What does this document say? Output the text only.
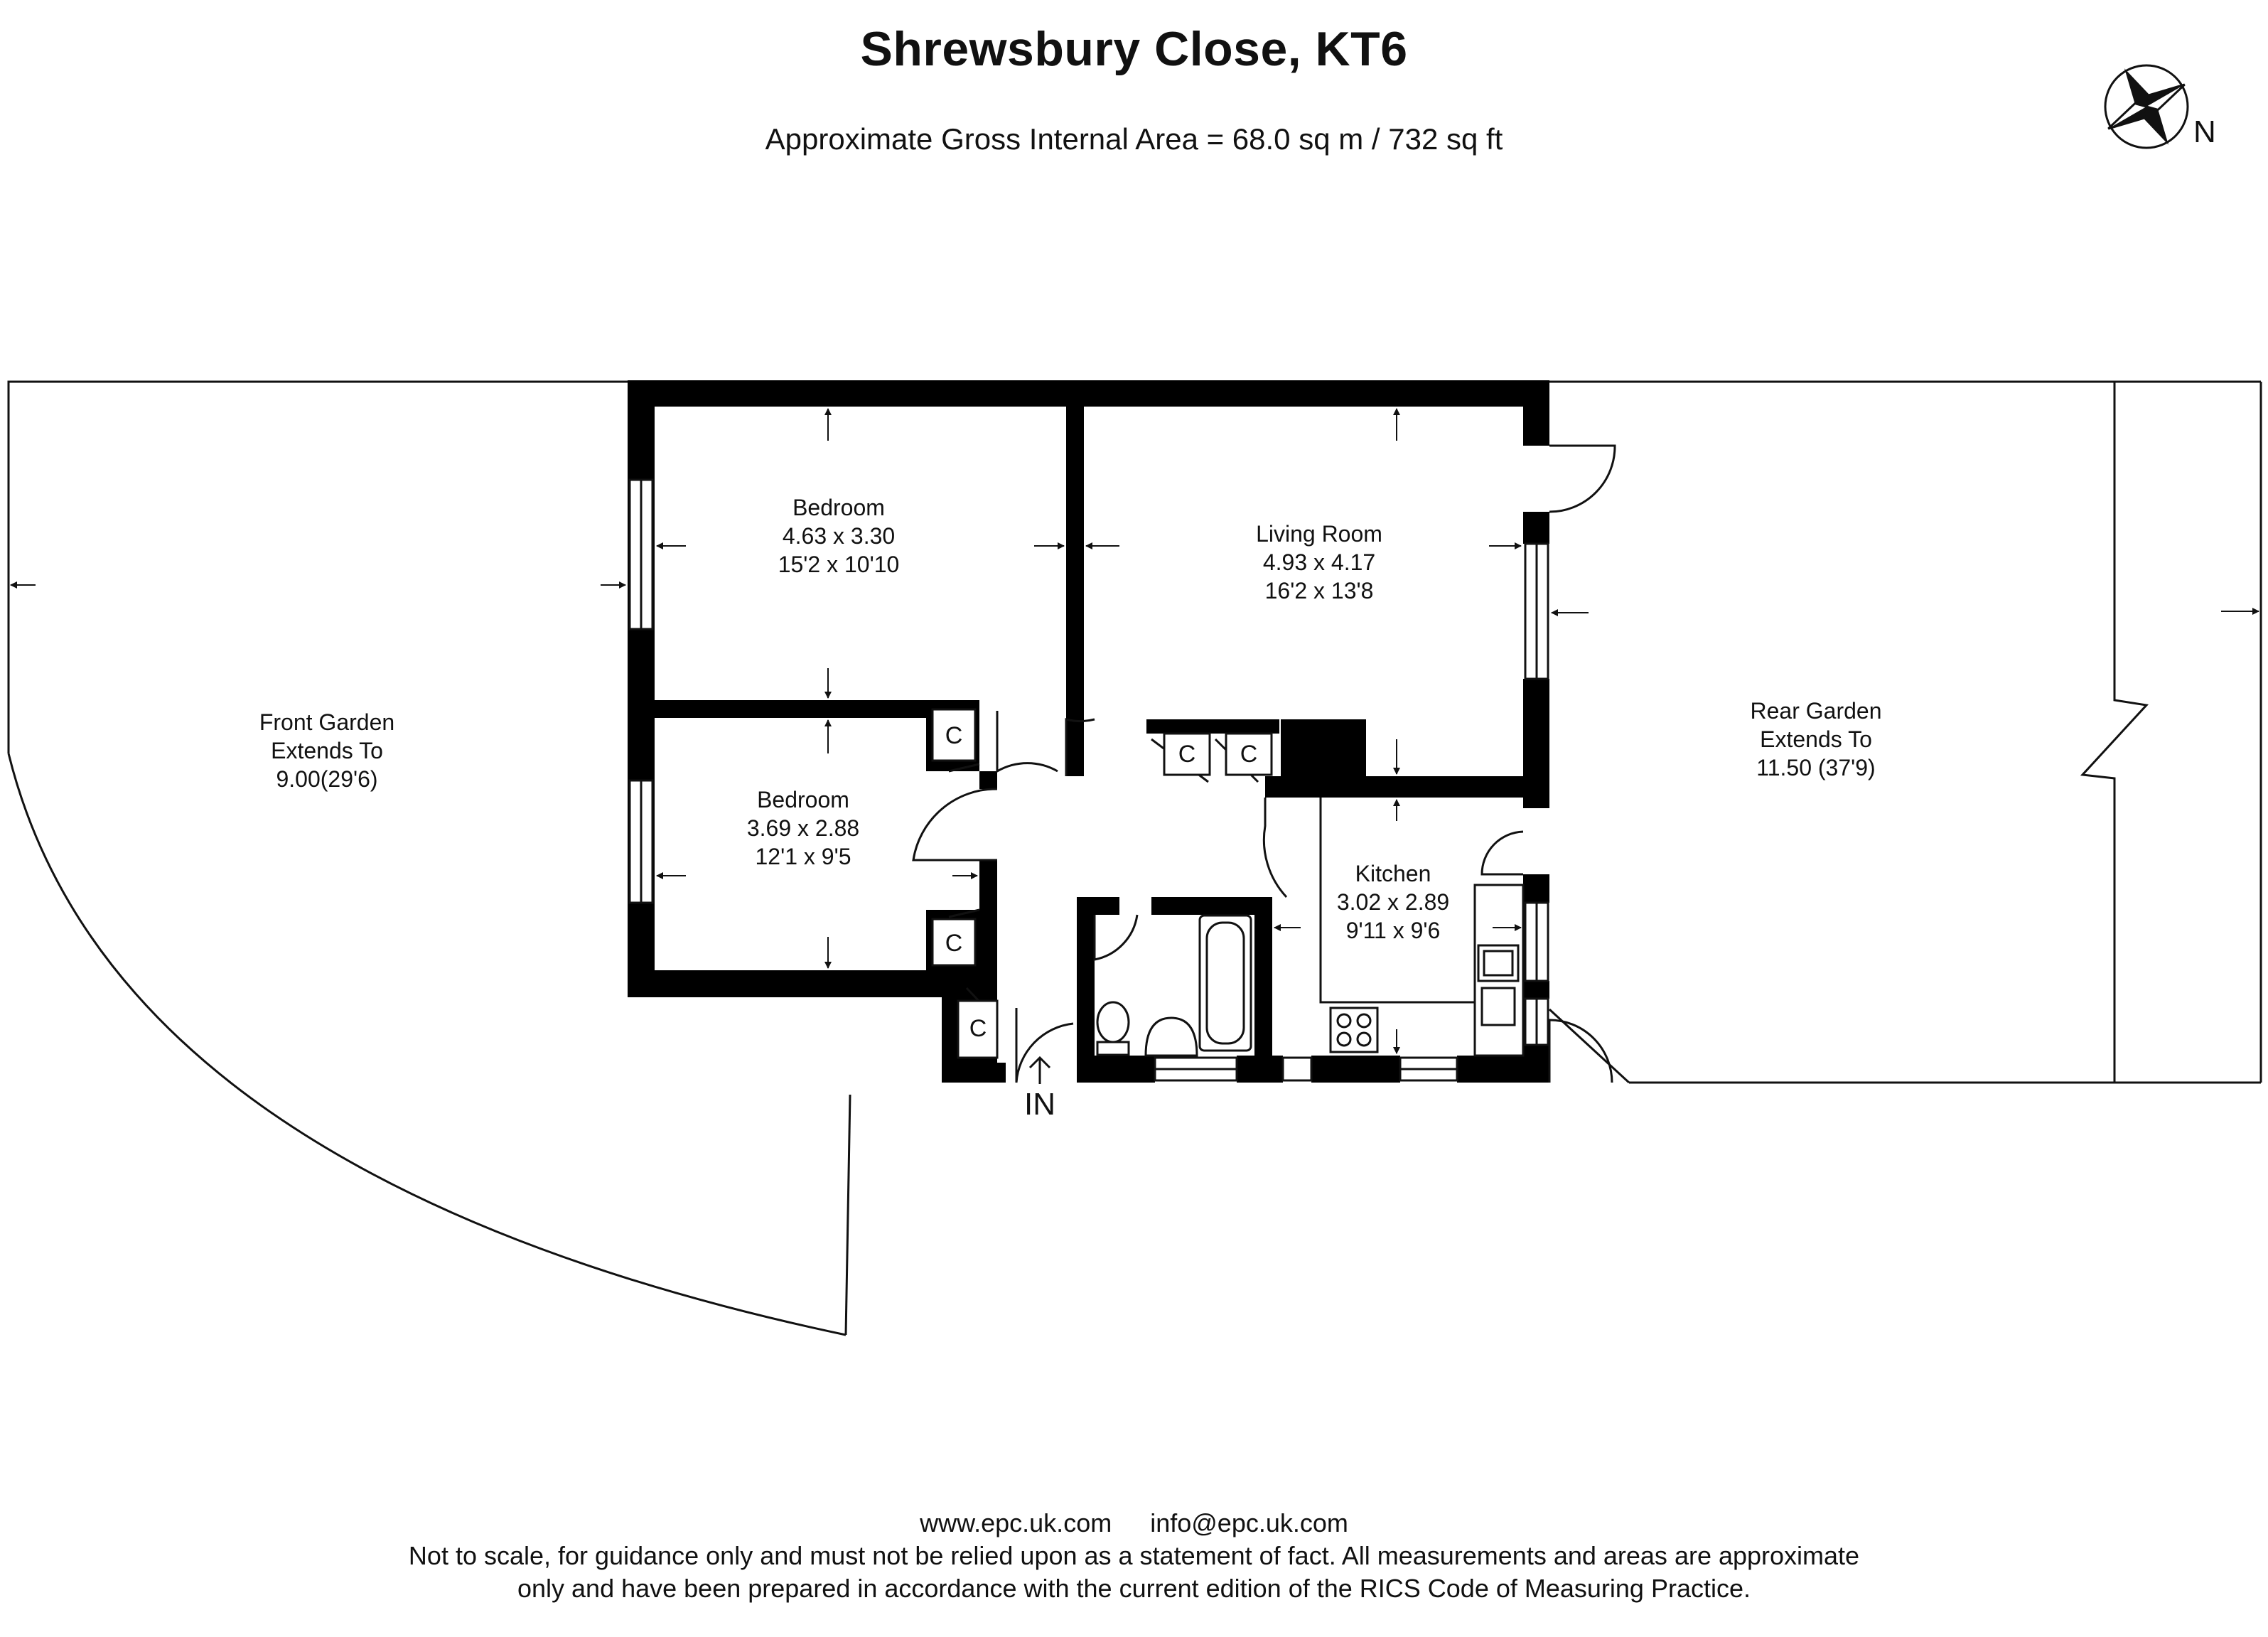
Shrewsbury Close, KT6
Approximate Gross Internal Area = 68.0 sq m / 732 sq ft	N
C
C C
C
C
IN
Bedroom
4.63 x 3.30
15'2 x 10'10
Living Room
4.93 x 4.17
16'2 x 13'8
Bedroom
3.69 x 2.88
12'1 x 9'5
Kitchen
3.02 x 2.89
9'11 x 9'6
Front Garden
Extends To
9.00(29'6)
Rear Garden
Extends To
11.50 (37'9)
www.epc.uk.com info@epc.uk.com
Not to scale, for guidance only and must not be relied upon as a statement of fact. All measurements and areas are approximate
only and have been prepared in accordance with the current edition of the RICS Code of Measuring Practice.
